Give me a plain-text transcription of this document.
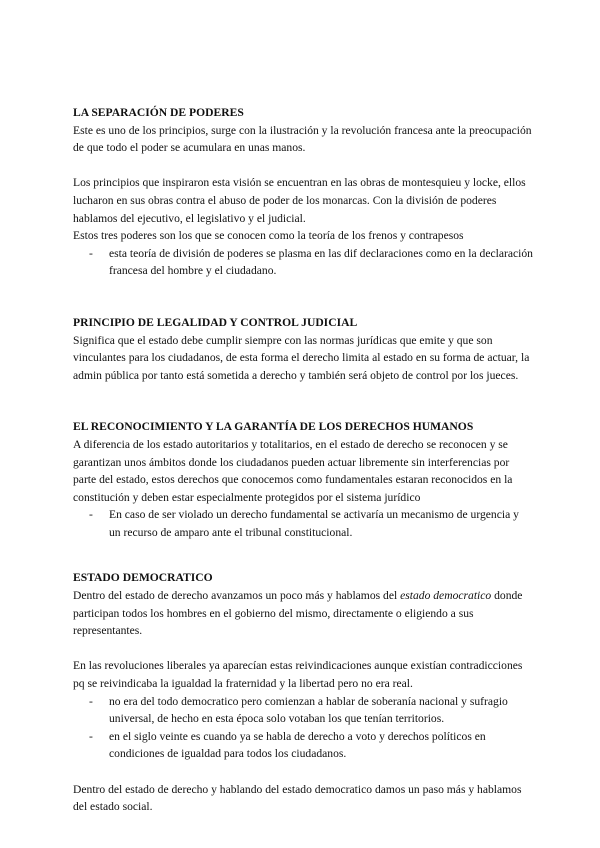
LA SEPARACIÓN DE PODERES

Este es uno de los principios, surge con la ilustración y la revolución francesa ante la preocupación de que todo el poder se acumulara en unas manos.

Los principios que inspiraron esta visión se encuentran en las obras de montesquieu y locke, ellos lucharon en sus obras contra el abuso de poder de los monarcas. Con la división de poderes hablamos del ejecutivo, el legislativo y el judicial.

Estos tres poderes son los que se conocen como la teoría de los frenos y contrapesos

- esta teoría de división de poderes se plasma en las dif declaraciones como en la declaración francesa del hombre y el ciudadano.

PRINCIPIO DE LEGALIDAD Y CONTROL JUDICIAL

Significa que el estado debe cumplir siempre con las normas jurídicas que emite y que son vinculantes para los ciudadanos, de esta forma el derecho limita al estado en su forma de actuar, la admin pública por tanto está sometida a derecho y también será objeto de control por los jueces.

EL RECONOCIMIENTO Y LA GARANTÍA DE LOS DERECHOS HUMANOS

A diferencia de los estado autoritarios y totalitarios, en el estado de derecho se reconocen y se garantizan unos ámbitos donde los ciudadanos pueden actuar libremente sin interferencias por parte del estado, estos derechos que conocemos como fundamentales estaran reconocidos en la constitución y deben estar especialmente protegidos por el sistema jurídico

- En caso de ser violado un derecho fundamental se activaría un mecanismo de urgencia y un recurso de amparo ante el tribunal constitucional.

ESTADO DEMOCRATICO

Dentro del estado de derecho avanzamos un poco más y hablamos del estado democratico donde participan todos los hombres en el gobierno del mismo, directamente o eligiendo a sus representantes.

En las revoluciones liberales ya aparecían estas reivindicaciones aunque existían contradicciones pq se reivindicaba la igualdad la fraternidad y la libertad pero no era real.

- no era del todo democratico pero comienzan a hablar de soberanía nacional y sufragio universal, de hecho en esta época solo votaban los que tenían territorios.
- en el siglo veinte es cuando ya se habla de derecho a voto y derechos políticos en condiciones de igualdad para todos los ciudadanos.

Dentro del estado de derecho y hablando del estado democratico damos un paso más y hablamos del estado social.
